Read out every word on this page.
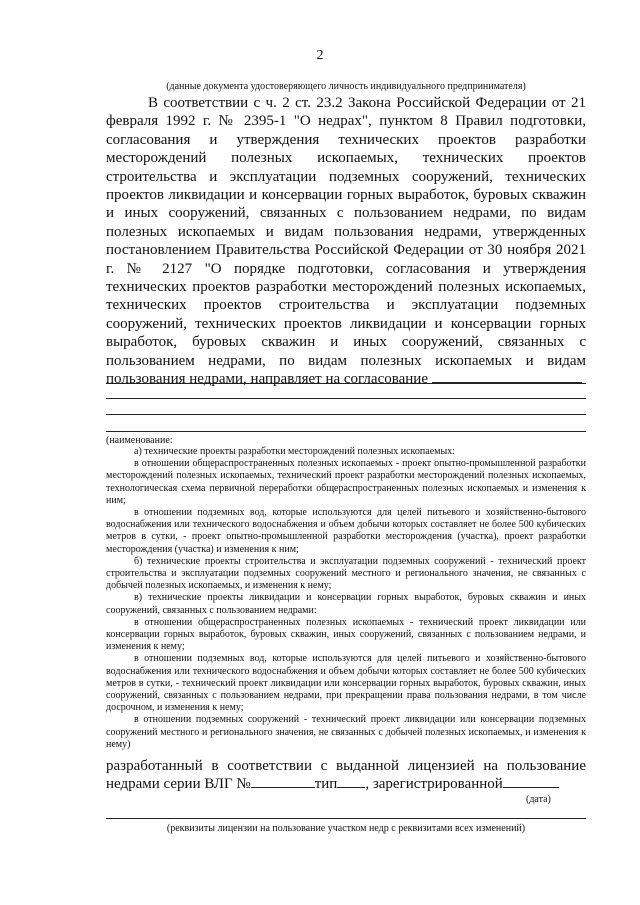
2
(данные документа удостоверяющего личность индивидуального предпринимателя)
В соответствии с ч. 2 ст. 23.2 Закона Российской Федерации от 21 февраля 1992 г. № 2395-1 "О недрах", пунктом 8 Правил подготовки, согласования и утверждения технических проектов разработки месторождений полезных ископаемых, технических проектов строительства и эксплуатации подземных сооружений, технических проектов ликвидации и консервации горных выработок, буровых скважин и иных сооружений, связанных с пользованием недрами, по видам полезных ископаемых и видам пользования недрами, утвержденных постановлением Правительства Российской Федерации от 30 ноября 2021 г. № 2127 "О порядке подготовки, согласования и утверждения технических проектов разработки месторождений полезных ископаемых, технических проектов строительства и эксплуатации подземных сооружений, технических проектов ликвидации и консервации горных выработок, буровых скважин и иных сооружений, связанных с пользованием недрами, по видам полезных ископаемых и видам пользования недрами, направляет на согласование
(наименование:

а) технические проекты разработки месторождений полезных ископаемых:

в отношении общераспространенных полезных ископаемых - проект опытно-промышленной разработки месторождений полезных ископаемых, технический проект разработки месторождений полезных ископаемых, технологическая схема первичной переработки общераспространенных полезных ископаемых и изменения к ним;

в отношении подземных вод, которые используются для целей питьевого и хозяйственно-бытового водоснабжения или технического водоснабжения и объем добычи которых составляет не более 500 кубических метров в сутки, - проект опытно-промышленной разработки месторождения (участка), проект разработки месторождения (участка) и изменения к ним;

б) технические проекты строительства и эксплуатации подземных сооружений - технический проект строительства и эксплуатации подземных сооружений местного и регионального значения, не связанных с добычей полезных ископаемых, и изменения к нему;

в) технические проекты ликвидации и консервации горных выработок, буровых скважин и иных сооружений, связанных с пользованием недрами:

в отношении общераспространенных полезных ископаемых - технический проект ликвидации или консервации горных выработок, буровых скважин, иных сооружений, связанных с пользованием недрами, и изменения к нему;

в отношении подземных вод, которые используются для целей питьевого и хозяйственно-бытового водоснабжения или технического водоснабжения и объем добычи которых составляет не более 500 кубических метров в сутки, - технический проект ликвидации или консервации горных выработок, буровых скважин, иных сооружений, связанных с пользованием недрами, при прекращении права пользования недрами, в том числе досрочном, и изменения к нему;

в отношении подземных сооружений - технический проект ликвидации или консервации подземных сооружений местного и регионального значения, не связанных с добычей полезных ископаемых, и изменения к нему)

разработанный в соответствии с выданной лицензией на пользование недрами серии ВЛГ №	тип , зарегистрированной
(дата)
(реквизиты лицензии на пользование участком недр с реквизитами всех изменений)
